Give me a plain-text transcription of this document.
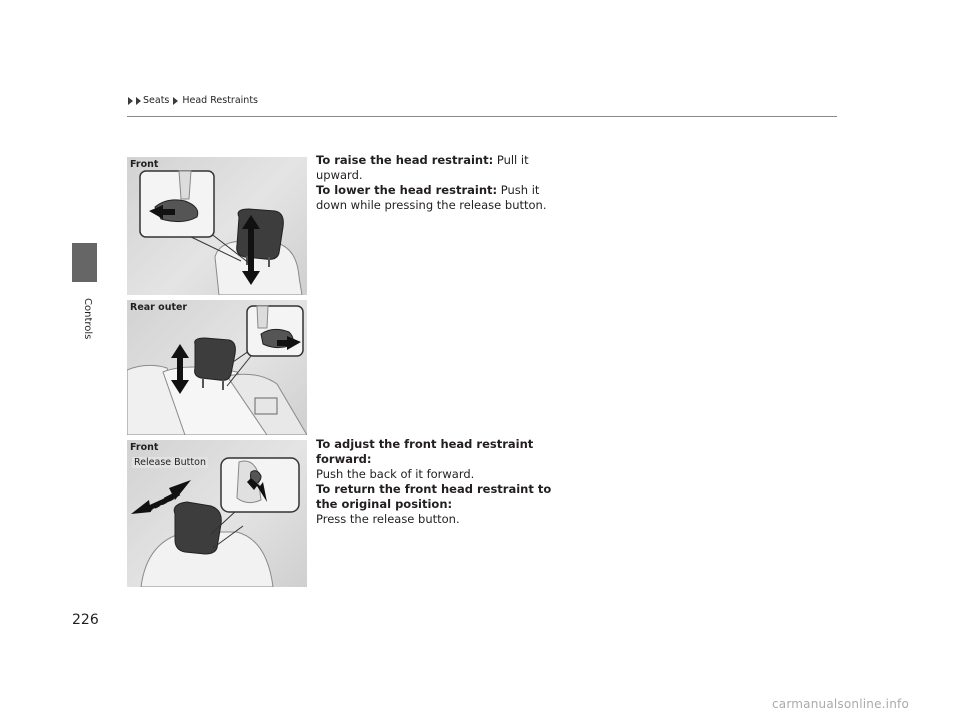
Seats Head Restraints
Controls
Front
Rear outer
Front
Release Button

To raise the head restraint: Pull it upward.

To lower the head restraint: Push it down while pressing the release button.

To adjust the front head restraint forward:

Push the back of it forward.

To return the front head restraint to the original position:

Press the release button.

226
carmanualsonline.info
